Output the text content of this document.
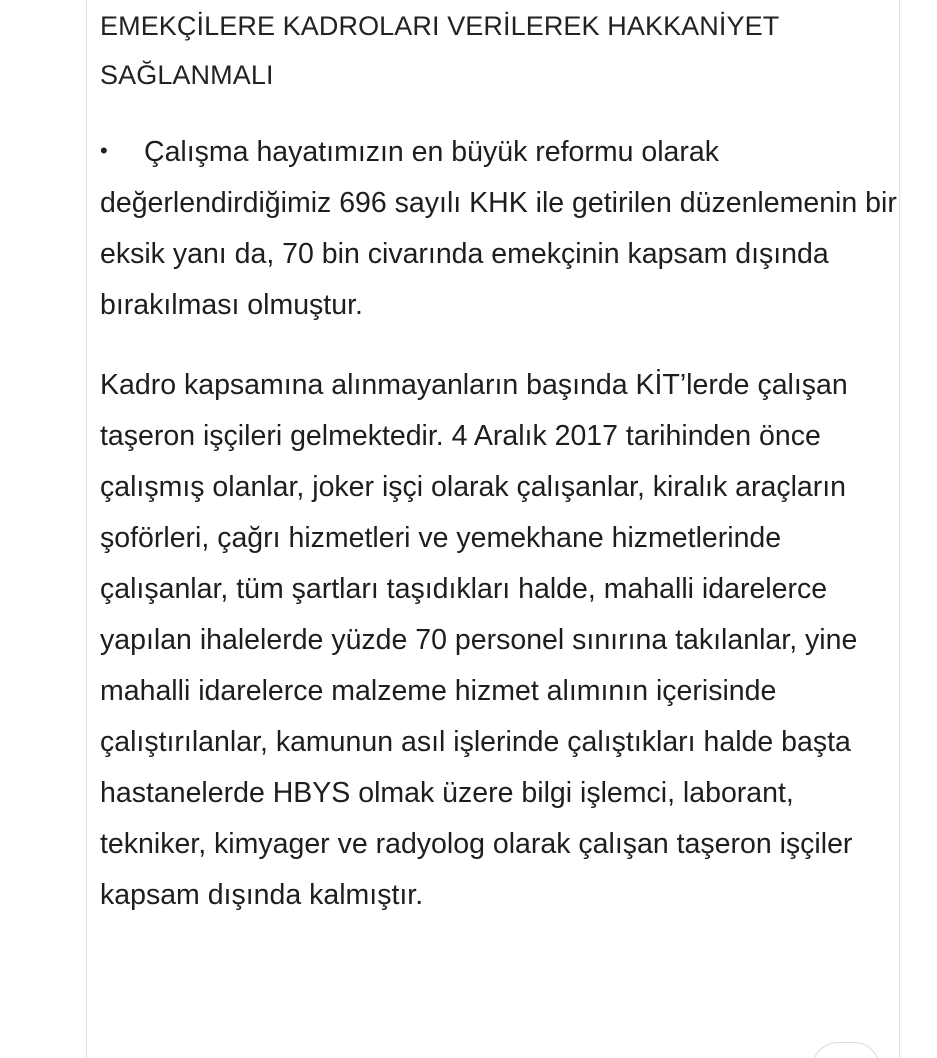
EMEKÇİLERE KADROLARI VERİLEREK HAKKANİYET
SAĞLANMALI

• Çalışma hayatımızın en büyük reformu olarak değerlendirdiğimiz 696 sayılı KHK ile getirilen düzenlemenin bir eksik yanı da, 70 bin civarında emekçinin kapsam dışında bırakılması olmuştur.

Kadro kapsamına alınmayanların başında KİT’lerde çalışan taşeron işçileri gelmektedir. 4 Aralık 2017 tarihinden önce çalışmış olanlar, joker işçi olarak çalışanlar, kiralık araçların şoförleri, çağrı hizmetleri ve yemekhane hizmetlerinde çalışanlar, tüm şartları taşıdıkları halde, mahalli idarelerce yapılan ihalelerde yüzde 70 personel sınırına takılanlar, yine mahalli idarelerce malzeme hizmet alımının içerisinde çalıştırılanlar, kamunun asıl işlerinde çalıştıkları halde başta hastanelerde HBYS olmak üzere bilgi işlemci, laborant, tekniker, kimyager ve radyolog olarak çalışan taşeron işçiler kapsam dışında kalmıştır.
